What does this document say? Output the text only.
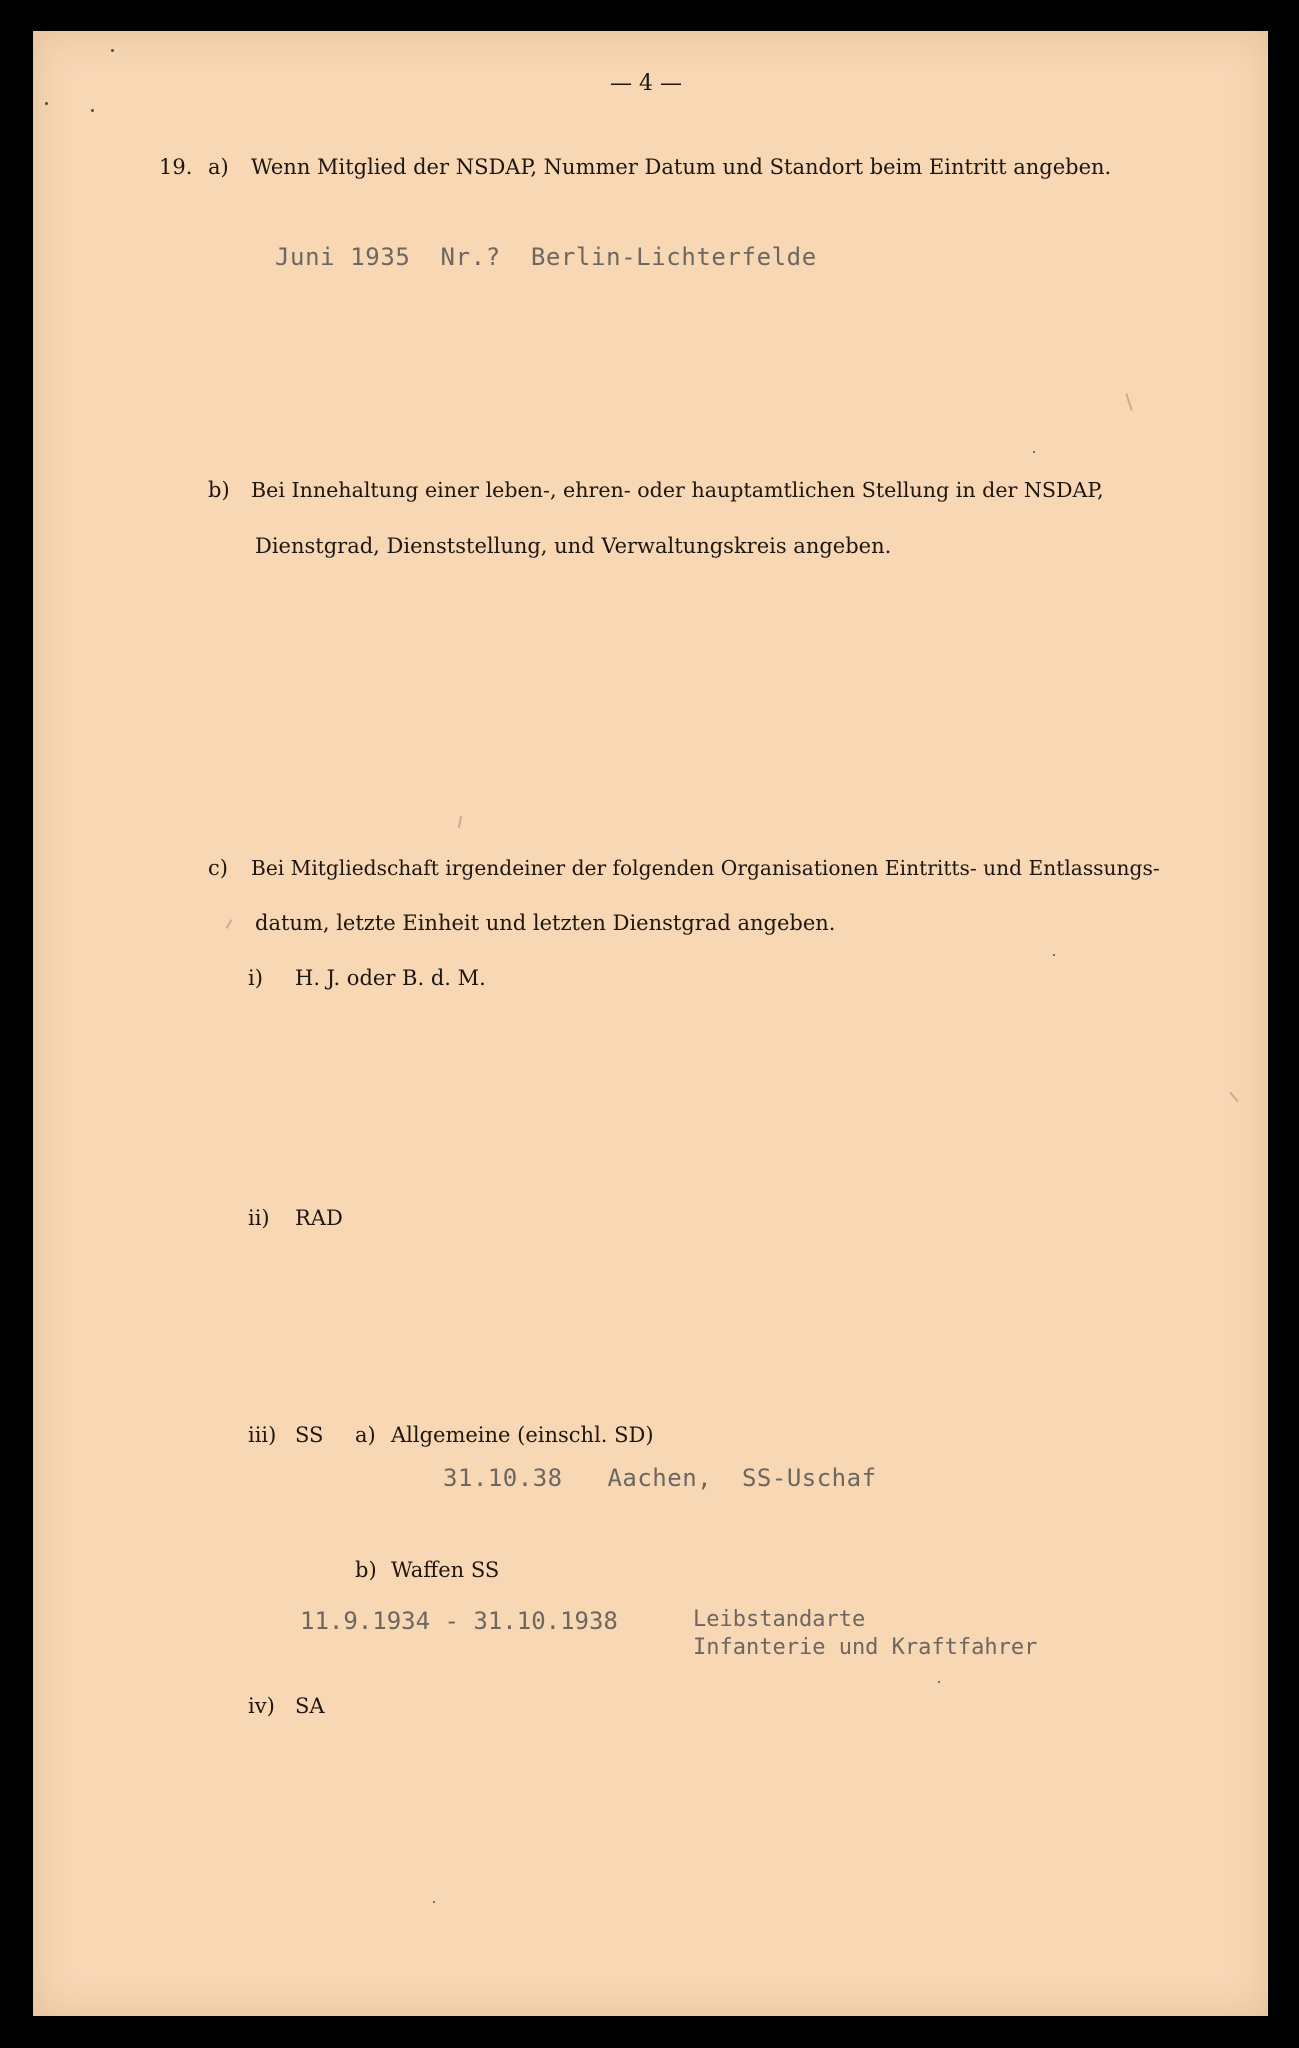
— 4 —
19. a) Wenn Mitglied der NSDAP, Nummer Datum und Standort beim Eintritt angeben.
Juni 1935  Nr.?  Berlin-Lichterfelde
b) Bei Innehaltung einer leben-, ehren- oder hauptamtlichen Stellung in der NSDAP,
Dienstgrad, Dienststellung, und Verwaltungskreis angeben.
c) Bei Mitgliedschaft irgendeiner der folgenden Organisationen Eintritts- und Entlassungs-
datum, letzte Einheit und letzten Dienstgrad angeben.
i) H. J. oder B. d. M.
ii) RAD
iii) SS a) Allgemeine (einschl. SD)
31.10.38   Aachen,  SS-Uschaf
b) Waffen SS
11.9.1934 - 31.10.1938	Leibstandarte
Infanterie und Kraftfahrer
iv) SA
